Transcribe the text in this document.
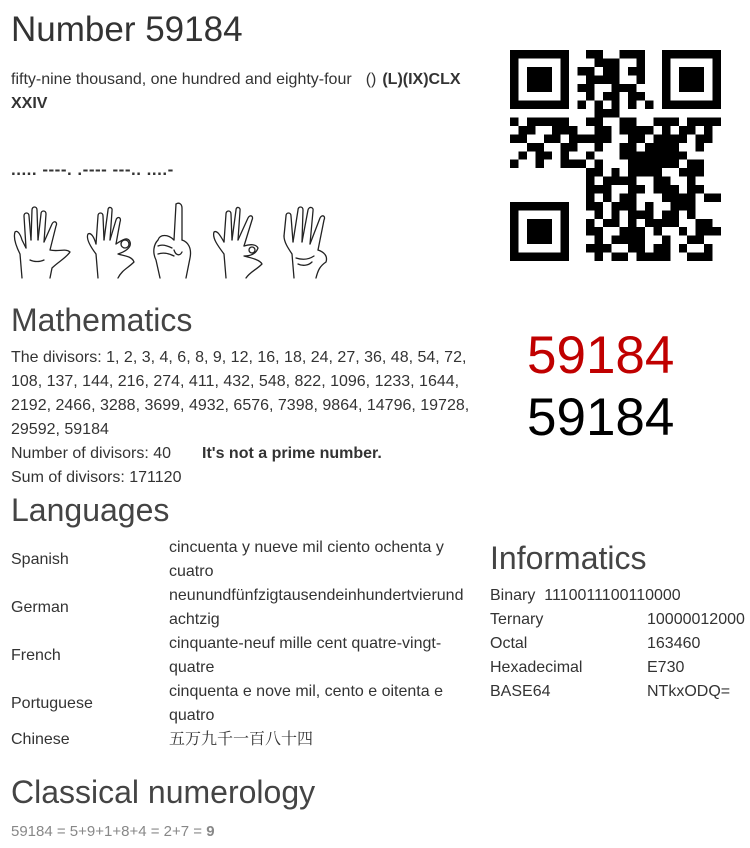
Number 59184
fifty-nine thousand, one hundred and eighty-four () (L)(IX)CLX
XXIV
..... ----. .---- ---.. ....-
59184
59184
Mathematics
The divisors: 1, 2, 3, 4, 6, 8, 9, 12, 16, 18, 24, 27, 36, 48, 54, 72,
108, 137, 144, 216, 274, 411, 432, 548, 822, 1096, 1233, 1644,
2192, 2466, 3288, 3699, 4932, 6576, 7398, 9864, 14796, 19728,
29592, 59184
Number of divisors: 40 It's not a prime number.
Sum of divisors: 171120
Languages
Spanish	cincuenta y nueve mil ciento ochenta y
cuatro

German	neunundfünfzigtausendeinhundertvierund
achtzig

French	cinquante-neuf mille cent quatre-vingt-
quatre

Portuguese	cinquenta e nove mil, cento e oitenta e
quatro

Chinese	五万九千一百八十四
Informatics
Binary 1110011100110000
Ternary	10000012000
Octal	163460
Hexadecimal	E730
BASE64	NTkxODQ=
Classical numerology
59184 = 5+9+1+8+4 = 2+7 = 9
